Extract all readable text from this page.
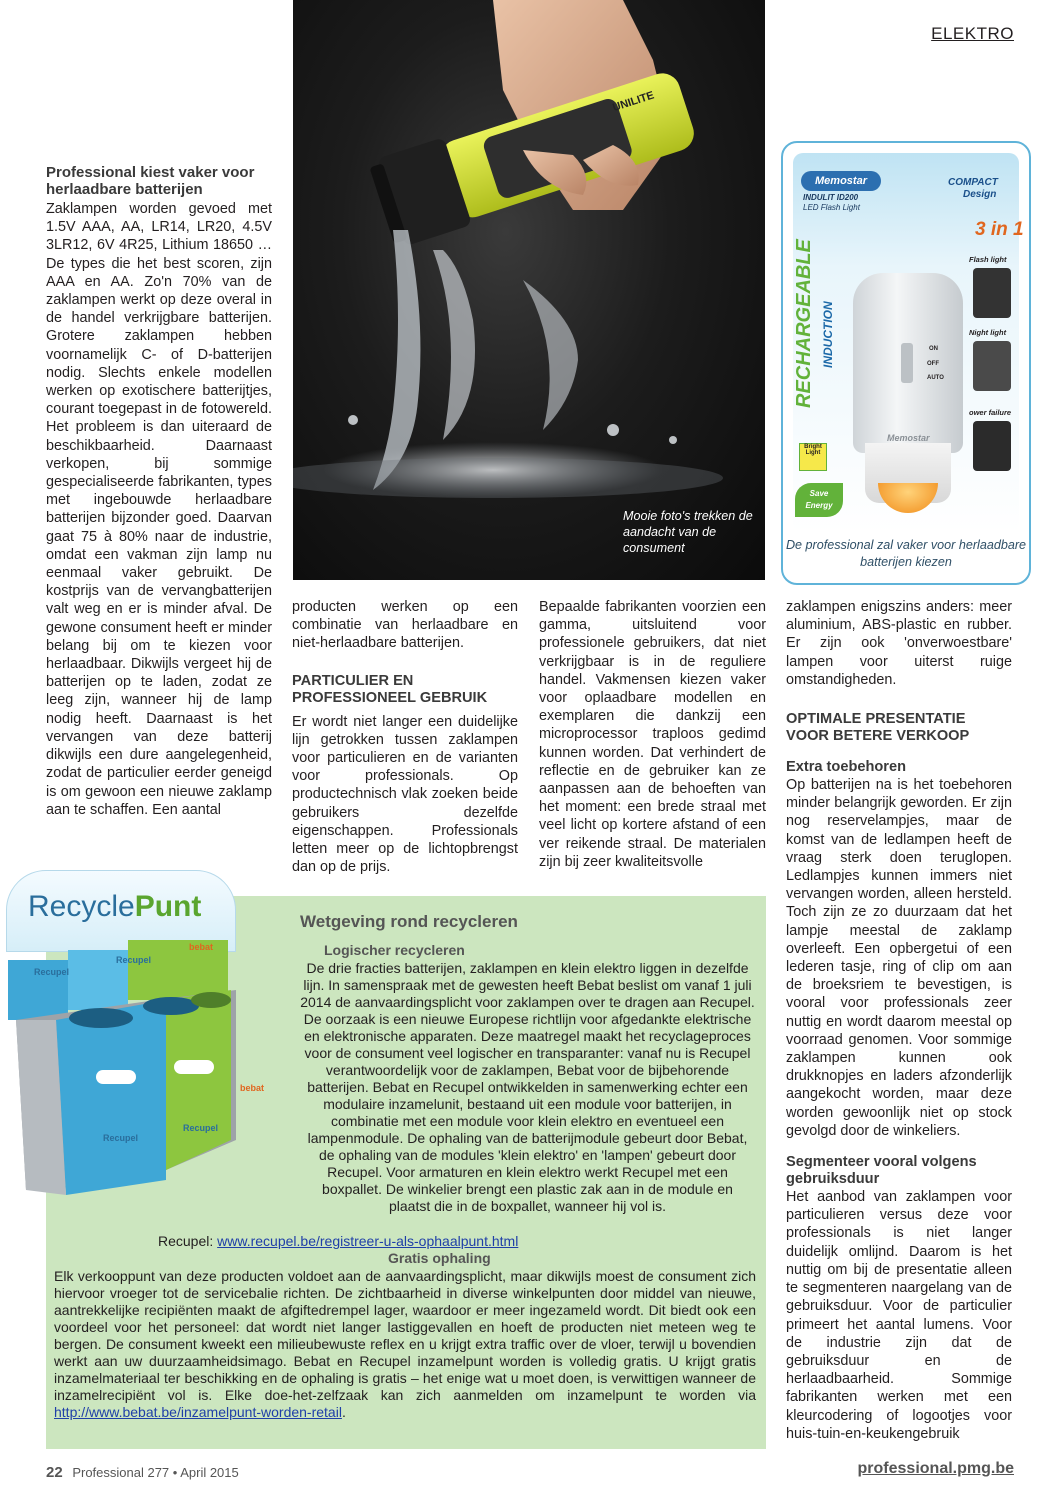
ELEKTRO
Professional kiest vaker voor herlaadbare batterijen
Zaklampen worden gevoed met 1.5V AAA, AA, LR14, LR20, 4.5V 3LR12, 6V 4R25, Lithium 18650 … De types die het best scoren, zijn AAA en AA. Zo'n 70% van de zaklampen werkt op deze overal in de handel verkrijgbare batterijen. Grotere zaklampen hebben voornamelijk C- of D-batterijen nodig. Slechts enkele modellen werken op exotischere batterijtjes, courant toegepast in de fotowereld. Het probleem is dan uiteraard de beschikbaarheid. Daarnaast verkopen, bij sommige gespecialiseerde fabrikanten, types met ingebouwde herlaadbare batterijen bijzonder goed. Daarvan gaat 75 à 80% naar de industrie, omdat een vakman zijn lamp nu eenmaal vaker gebruikt. De kostprijs van de vervangbatterijen valt weg en er is minder afval. De gewone consument heeft er minder belang bij om te kiezen voor herlaadbaar. Dikwijls vergeet hij de batterijen op te laden, zodat ze leeg zijn, wanneer hij de lamp nodig heeft. Daarnaast is het vervangen van deze batterij dikwijls een dure aangelegenheid, zodat de particulier eerder geneigd is om gewoon een nieuwe zaklamp aan te schaffen. Een aantal
UNILITE
Mooie foto's trekken de aandacht van de consument
Memostar
INDULIT ID200
LED Flash Light
COMPACT
Design
3 in 1
Flash light
Night light
ower failure
RECHARGEABLE INDUCTION	ON
OFF
AUTO
Memostar
Bright
Light
Save
Energy
De professional zal vaker voor herlaadbare batterijen kiezen
producten werken op een combinatie van herlaadbare en niet-herlaadbare batterijen.
PARTICULIER EN PROFESSIONEEL GEBRUIK
Er wordt niet langer een duidelijke lijn getrokken tussen zaklampen voor particulieren en de varianten voor professionals. Op productechnisch vlak zoeken beide gebruikers dezelfde eigenschappen. Professionals letten meer op de lichtopbrengst dan op de prijs.
Bepaalde fabrikanten voorzien een gamma, uitsluitend voor professionele gebruikers, dat niet verkrijgbaar is in de reguliere handel. Vakmensen kiezen vaker voor oplaadbare modellen en exemplaren die dankzij een microprocessor traploos gedimd kunnen worden. Dat verhindert de reflectie en de gebruiker kan ze aanpassen aan de behoeften van het moment: een brede straal met veel licht op kortere afstand of een ver reikende straal. De materialen zijn bij zeer kwaliteitsvolle
zaklampen enigszins anders: meer aluminium, ABS-plastic en rubber. Er zijn ook 'onverwoestbare' lampen voor uiterst ruige omstandigheden.
OPTIMALE PRESENTATIE VOOR BETERE VERKOOP
Extra toebehoren
Op batterijen na is het toebehoren minder belangrijk geworden. Er zijn nog reservelampjes, maar de komst van de ledlampen heeft de vraag sterk doen teruglopen. Ledlampjes kunnen immers niet vervangen worden, alleen hersteld. Toch zijn ze zo duurzaam dat het lampje meestal de zaklamp overleeft. Een opbergetui of een lederen tasje, ring of clip om aan de broeksriem te bevestigen, is vooral voor professionals zeer nuttig en wordt daarom meestal op voorraad genomen. Voor sommige zaklampen kunnen ook drukknopjes en laders afzonderlijk aangekocht worden, maar deze worden gewoonlijk niet op stock gevolgd door de winkeliers.
Segmenteer vooral volgens gebruiksduur
Het aanbod van zaklampen voor particulieren versus deze voor professionals is niet langer duidelijk omlijnd. Daarom is het nuttig om bij de presentatie alleen te segmenteren naargelang van de gebruiksduur. Voor de particulier primeert het aantal lumens. Voor de industrie zijn dat de gebruiksduur en de herlaadbaarheid. Sommige fabrikanten werken met een kleurcodering of logootjes voor huis-tuin-en-keukengebruik
RecyclePunt
Recupel
Recupel
bebat
Recupel
Recupel
bebat
Wetgeving rond recycleren
Logischer recycleren
De drie fracties batterijen, zaklampen en klein elektro liggen in dezelfde lijn. In samenspraak met de gewesten heeft Bebat beslist om vanaf 1 juli 2014 de aanvaardingsplicht voor zaklampen over te dragen aan Recupel. De oorzaak is een nieuwe Europese richtlijn voor afgedankte elektrische en elektronische apparaten. Deze maatregel maakt het recyclageproces voor de consument veel logischer en transparanter: vanaf nu is Recupel verantwoordelijk voor de zaklampen, Bebat voor de bijbehorende batterijen. Bebat en Recupel ontwikkelden in samenwerking echter een modulaire inzamelunit, bestaand uit een module voor batterijen, in combinatie met een module voor klein elektro en eventueel een lampenmodule. De ophaling van de batterijmodule gebeurt door Bebat, de ophaling van de modules 'klein elektro' en 'lampen' gebeurt door Recupel. Voor armaturen en klein elektro werkt Recupel met een boxpallet. De winkelier brengt een plastic zak aan in de module en plaatst die in de boxpallet, wanneer hij vol is.
Recupel: www.recupel.be/registreer-u-als-ophaalpunt.html
Gratis ophaling
Elk verkooppunt van deze producten voldoet aan de aanvaardingsplicht, maar dikwijls moest de consument zich hiervoor vroeger tot de servicebalie richten. De zichtbaarheid in diverse winkelpunten door middel van nieuwe, aantrekkelijke recipiënten maakt de afgiftedrempel lager, waardoor er meer ingezameld wordt. Dit biedt ook een voordeel voor het personeel: dat wordt niet langer lastiggevallen en hoeft de producten niet meteen weg te bergen. De consument kweekt een milieubewuste reflex en u krijgt extra traffic over de vloer, terwijl u bovendien werkt aan uw duurzaamheidsimago. Bebat en Recupel inzamelpunt worden is volledig gratis. U krijgt gratis inzamelmateriaal ter beschikking en de ophaling is gratis – het enige wat u moet doen, is verwittigen wanneer de inzamelrecipiënt vol is. Elke doe-het-zelfzaak kan zich aanmelden om inzamelpunt te worden via http://www.bebat.be/inzamelpunt-worden-retail.
22 Professional 277 • April 2015	professional.pmg.be
